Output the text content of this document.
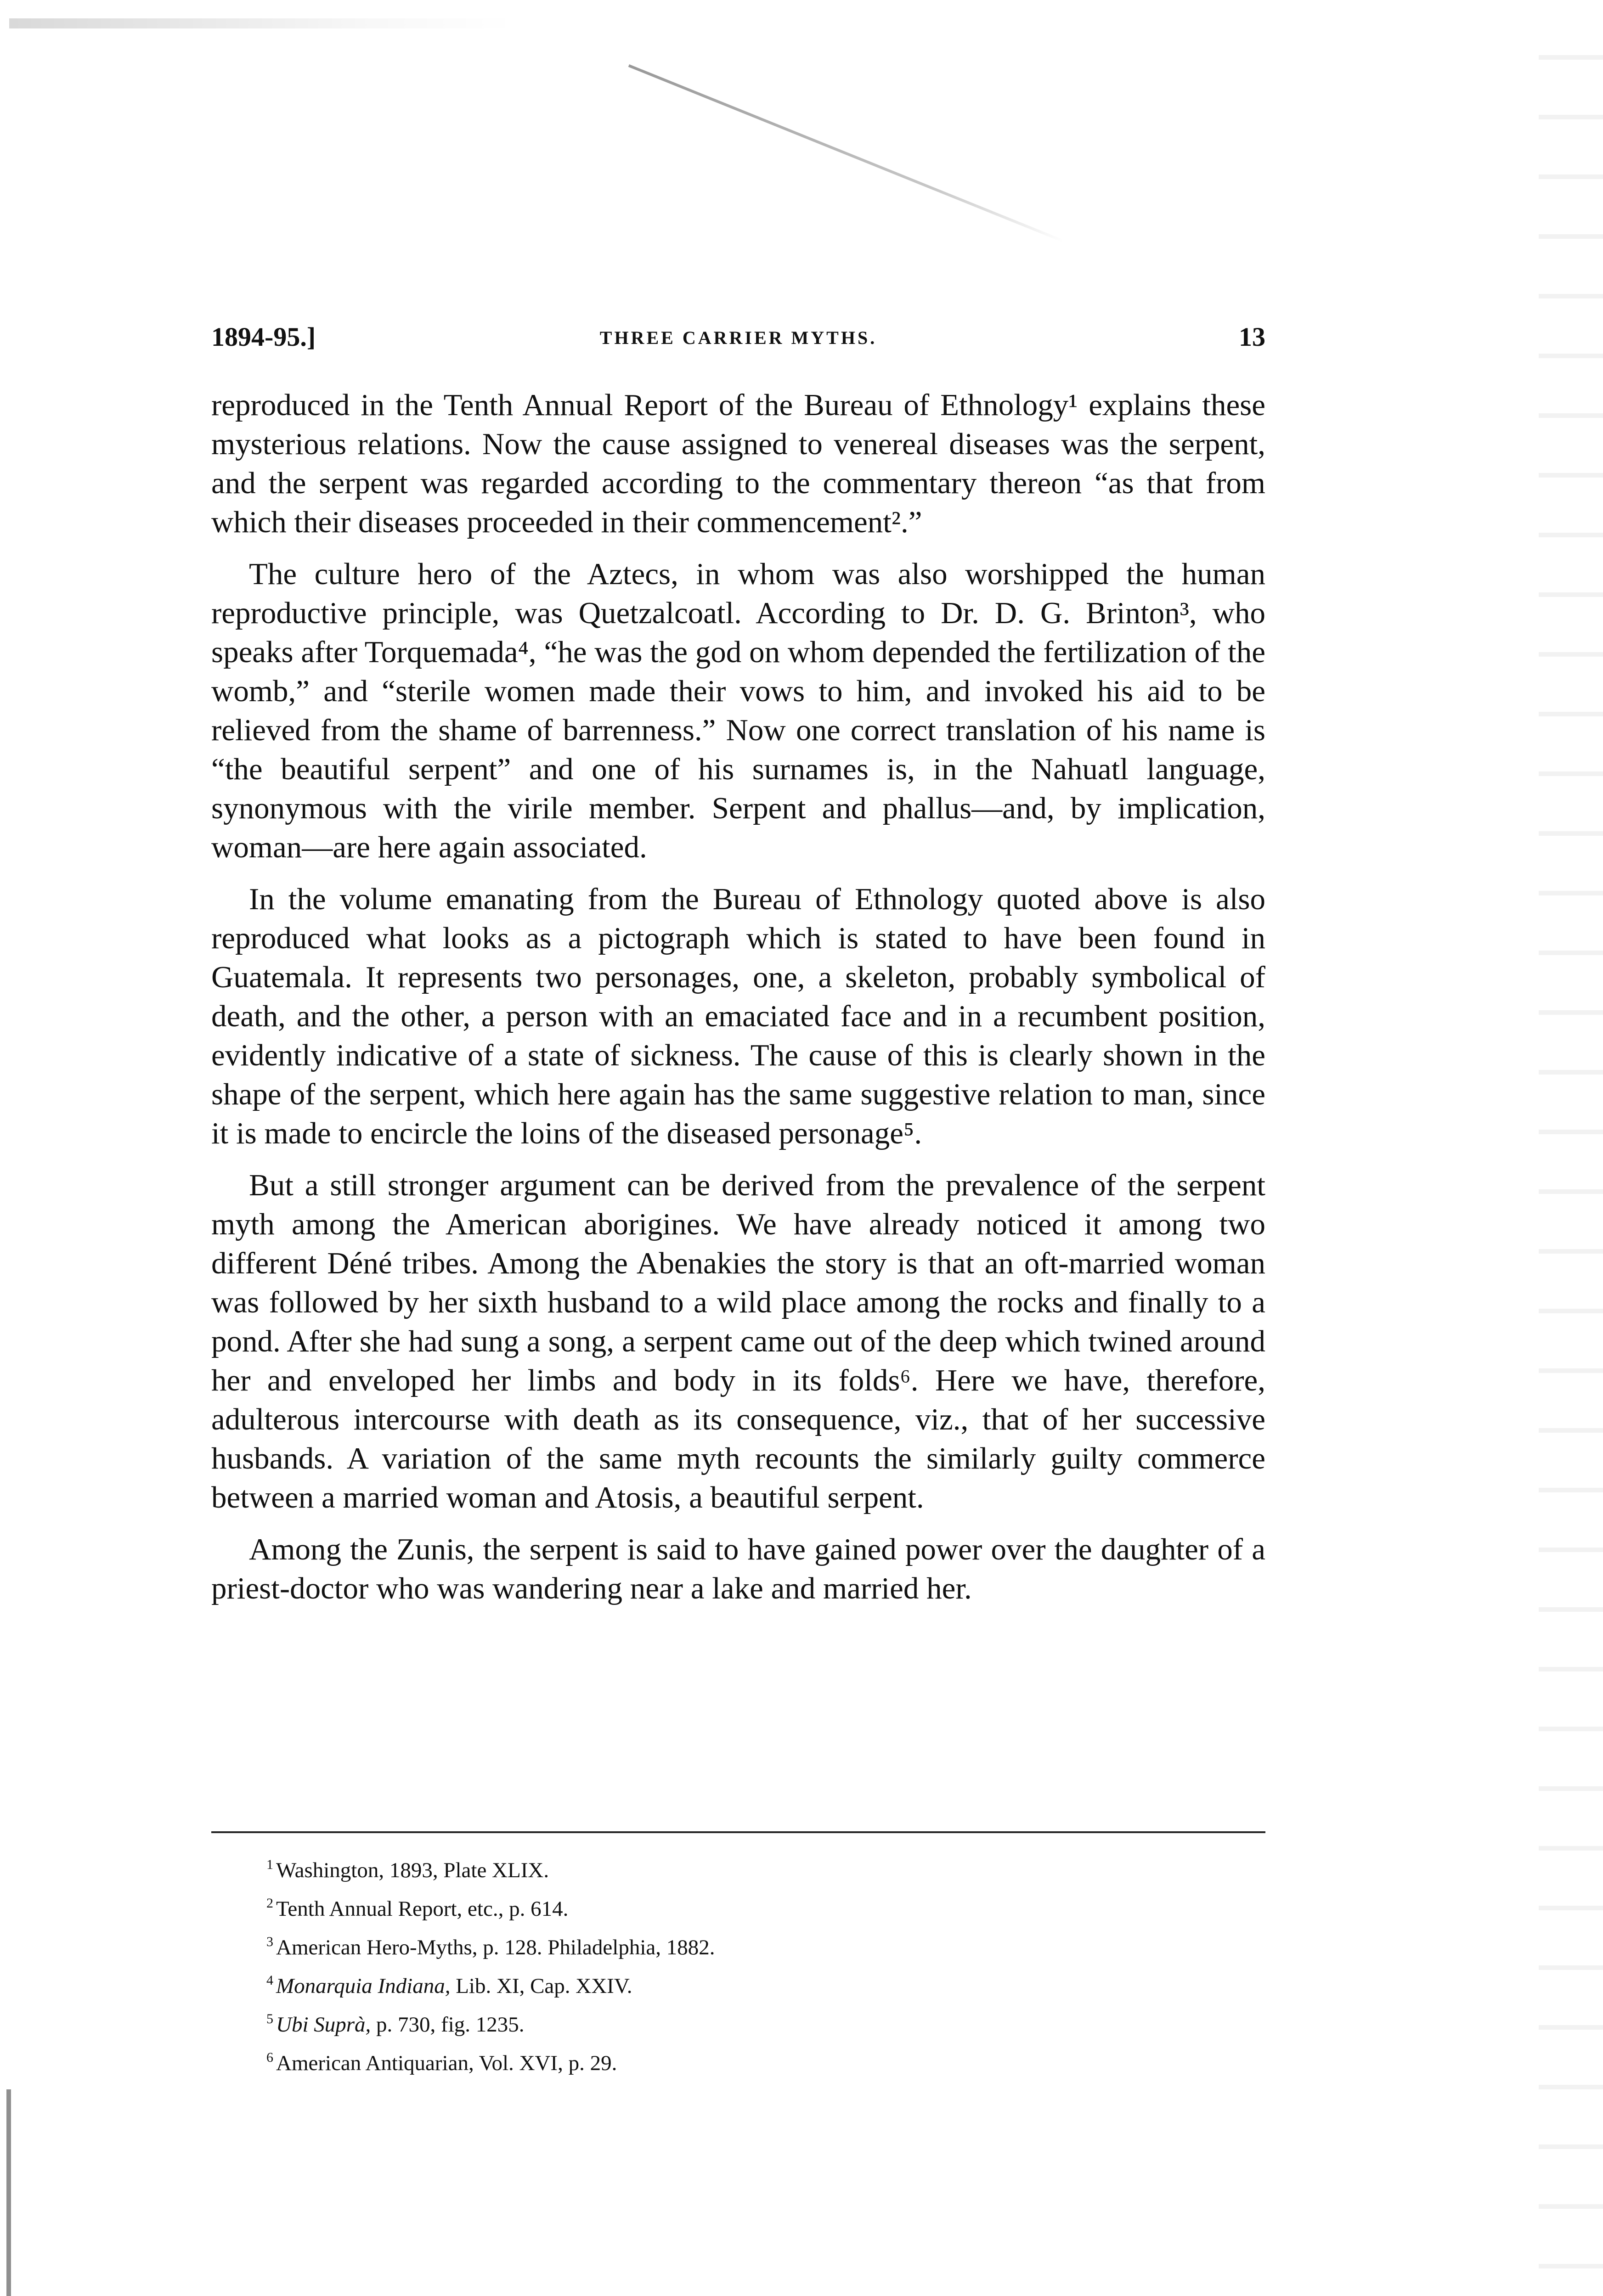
1894-95.]	THREE CARRIER MYTHS.	13

reproduced in the Tenth Annual Report of the Bureau of Ethnology¹ explains these mysterious relations. Now the cause assigned to venereal diseases was the serpent, and the serpent was regarded according to the commentary thereon “as that from which their diseases proceeded in their commencement².”

The culture hero of the Aztecs, in whom was also worshipped the human reproductive principle, was Quetzalcoatl. According to Dr. D. G. Brinton³, who speaks after Torquemada⁴, “he was the god on whom depended the fertilization of the womb,” and “sterile women made their vows to him, and invoked his aid to be relieved from the shame of barrenness.” Now one correct translation of his name is “the beautiful serpent” and one of his surnames is, in the Nahuatl language, synonymous with the virile member. Serpent and phallus—and, by implication, woman—are here again associated.

In the volume emanating from the Bureau of Ethnology quoted above is also reproduced what looks as a pictograph which is stated to have been found in Guatemala. It represents two personages, one, a skeleton, probably symbolical of death, and the other, a person with an emaciated face and in a recumbent position, evidently indicative of a state of sickness. The cause of this is clearly shown in the shape of the serpent, which here again has the same suggestive relation to man, since it is made to encircle the loins of the diseased personage⁵.

But a still stronger argument can be derived from the prevalence of the serpent myth among the American aborigines. We have already noticed it among two different Déné tribes. Among the Abenakies the story is that an oft-married woman was followed by her sixth husband to a wild place among the rocks and finally to a pond. After she had sung a song, a serpent came out of the deep which twined around her and enveloped her limbs and body in its folds⁶. Here we have, therefore, adulterous intercourse with death as its consequence, viz., that of her successive husbands. A variation of the same myth recounts the similarly guilty commerce between a married woman and Atosis, a beautiful serpent.

Among the Zunis, the serpent is said to have gained power over the daughter of a priest-doctor who was wandering near a lake and married her.

1 Washington, 1893, Plate XLIX.
2 Tenth Annual Report, etc., p. 614.
3 American Hero-Myths, p. 128. Philadelphia, 1882.
4 Monarquia Indiana, Lib. XI, Cap. XXIV.
5 Ubi Suprà, p. 730, fig. 1235.
6 American Antiquarian, Vol. XVI, p. 29.
